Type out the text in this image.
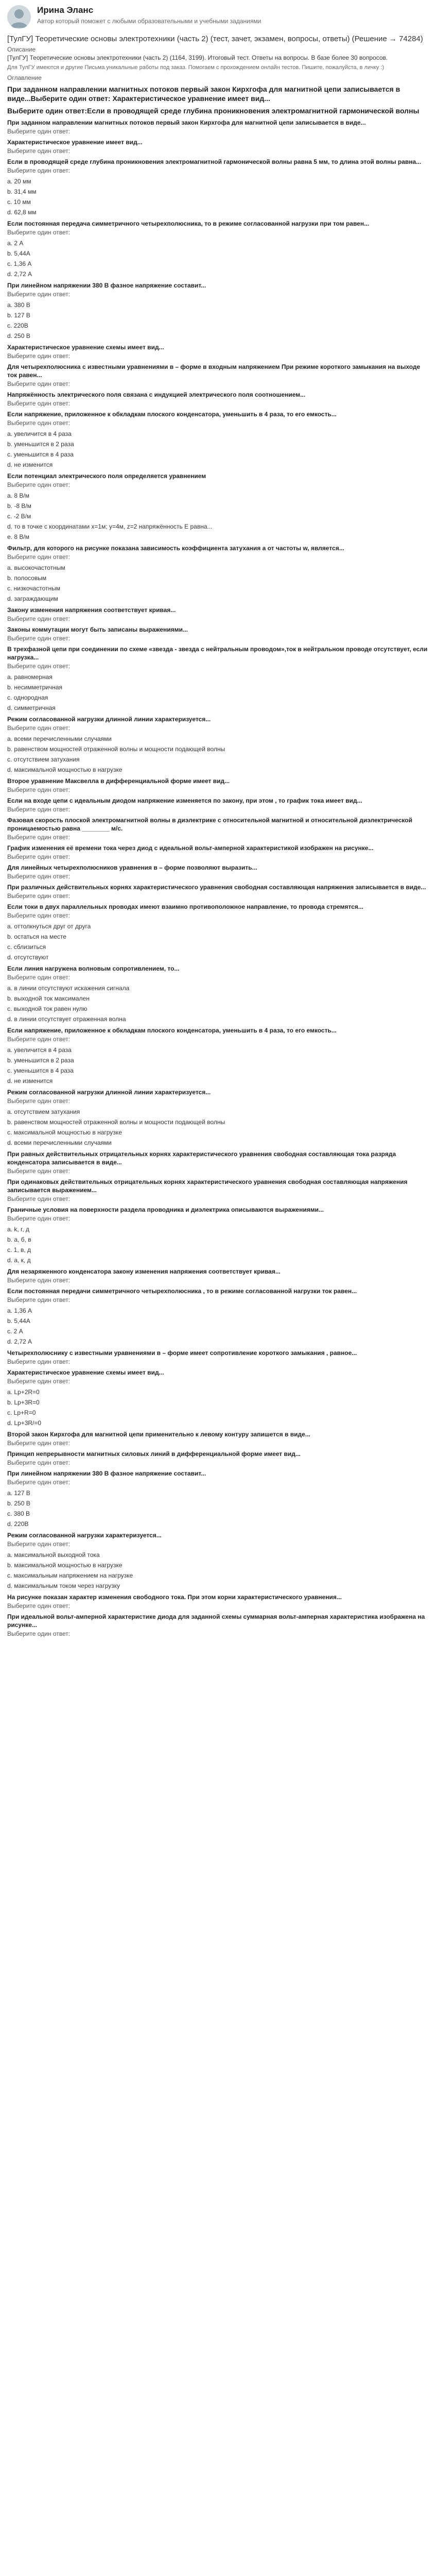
Ирина Эланс
Автор который поможет с любыми образовательными и учебными заданиями
[ТулГУ] Теоретические основы электротехники (часть 2) (тест, зачет, экзамен, вопросы, ответы) (Решение → 74284)
Описание
[ТулГУ] Теоретические основы электротехники (часть 2) (1164, 3199). Итоговый тест. Ответы на вопросы. В базе более 30 вопросов.
Для ТулГУ имеются и другие Письма уникальные работы под заказ. Помогаем с прохождением онлайн тестов. Пишите, пожалуйста, в личку :)
Оглавление
При заданном направлении магнитных потоков первый закон Кирхгофа для магнитной цепи записывается в виде...Выберите один ответ: Характеристическое уравнение имеет вид...
Выберите один ответ:Если в проводящей среде глубина проникновения электромагнитной гармонической волны
При заданном направлении магнитных потоков первый закон Кирхгофа для магнитной цепи записывается в виде...
Выберите один ответ:
Характеристическое уравнение имеет вид...
Выберите один ответ:
Если в проводящей среде глубина проникновения электромагнитной гармонической волны равна 5 мм, то длина этой волны равна...
Выберите один ответ:
a. 20 мм
b. 31,4 мм
c. 10 мм
d. 62,8 мм
Если постоянная передача симметричного четырехполюсника, то в режиме согласованной нагрузки при том равен...
Выберите один ответ:
a. 2 А
b. 5,44А
c. 1,36 А
d. 2,72 А
При линейном напряжении 380 В фазное напряжение составит...
Выберите один ответ:
a. 380 В
b. 127 В
c. 220В
d. 250 В
Характеристическое уравнение схемы имеет вид...
Выберите один ответ:
Для четырехполюсника с известными уравнениями в – форме в входным напряжением При режиме короткого замыкания на выходе ток равен...
Выберите один ответ:
Напряжённость электрического поля связана с индукцией электрического поля соотношением...
Выберите один ответ:
Если напряжение, приложенное к обкладкам плоского конденсатора, уменьшить в 4 раза, то его емкость...
Выберите один ответ:
a. увеличится в 4 раза
b. уменьшится в 2 раза
c. уменьшится в 4 раза
d. не изменится
Если потенциал электрического поля определяется уравнением
Выберите один ответ:
a. 8 В/м
b. -8 В/м
c. -2 В/м
d. то в точке с координатами x=1м; y=4м, z=2 напряжённость E равна...
e. 8 В/м
Фильтр, для которого на рисунке показана зависимость коэффициента затухания а от частоты w, является...
Выберите один ответ:
a. высокочастотным
b. полосовым
c. низкочастотным
d. заграждающим
Закону изменения напряжения соответствует кривая...
Выберите один ответ:
Законы коммутации могут быть записаны выражениями...
Выберите один ответ:
В трехфазной цепи при соединении по схеме «звезда - звезда с нейтральным проводом»,ток в нейтральном проводе отсутствует, если нагрузка...
Выберите один ответ:
a. равномерная
b. несимметричная
c. однородная
d. симметричная
Режим согласованной нагрузки длинной линии характеризуется...
Выберите один ответ:
a. всеми перечисленными случаями
b. равенством мощностей отраженной волны и мощности подающей волны
c. отсутствием затухания
d. максимальной мощностью в нагрузке
Второе уравнение Максвелла в дифференциальной форме имеет вид...
Выберите один ответ:
Если на входе цепи с идеальным диодом напряжение изменяется по закону, при этом , то график тока имеет вид...
Выберите один ответ:
Фазовая скорость плоской электромагнитной волны в диэлектрике с относительной магнитной и относительной диэлектрической проницаемостью равна ________ м/с.
Выберите один ответ:
График изменения её времени тока через диод с идеальной вольт-амперной характеристикой изображен на рисунке...
Выберите один ответ:
Для линейных четырехполюсников уравнения в – форме позволяют выразить...
Выберите один ответ:
При различных действительных корнях характеристического уравнения свободная составляющая напряжения записывается в виде...
Выберите один ответ:
Если токи в двух параллельных проводах имеют взаимно противоположное направление, то провода стремятся...
Выберите один ответ:
a. оттолкнуться друг от друга
b. остаться на месте
c. сблизиться
d. отсутствуют
Если линия нагружена волновым сопротивлением, то...
Выберите один ответ:
a. в линии отсутствуют искажения сигнала
b. выходной ток максимален
c. выходной ток равен нулю
d. в линии отсутствует отраженная волна
Если напряжение, приложенное к обкладкам плоского конденсатора, уменьшить в 4 раза, то его емкость...
Выберите один ответ:
a. увеличится в 4 раза
b. уменьшится в 2 раза
c. уменьшится в 4 раза
d. не изменится
Режим согласованной нагрузки длинной линии характеризуется...
Выберите один ответ:
a. отсутствием затухания
b. равенством мощностей отраженной волны и мощности подающей волны
c. максимальной мощностью в нагрузке
d. всеми перечисленными случаями
При равных действительных отрицательных корнях характеристического уравнения свободная составляющая тока разряда конденсатора записывается в виде...
Выберите один ответ:
При одинаковых действительных отрицательных корнях характеристического уравнения свободная составляющая напряжения записывается выражением...
Выберите один ответ:
Граничные условия на поверхности раздела проводника и диэлектрика описываются выражениями...
Выберите один ответ:
a. k, r, д
b. а, б, в
c. 1, в, д
d. а, к, д
Для незаряженного конденсатора закону изменения напряжения соответствует кривая...
Выберите один ответ:
Если постоянная передачи симметричного четырехполюсника , то в режиме согласованной нагрузки ток равен...
Выберите один ответ:
a. 1,36 А
b. 5,44А
c. 2 А
d. 2,72 А
Четырехполюснику с известными уравнениями в – форме имеет сопротивление короткого замыкания , равное...
Выберите один ответ:
Характеристическое уравнение схемы имеет вид...
Выберите один ответ:
a. Lp+2R=0
b. Lp+3R=0
c. Lp+R=0
d. Lp+3R/=0
Второй закон Кирхгофа для магнитной цепи применительно к левому контуру запишется в виде...
Выберите один ответ:
Принцип непрерывности магнитных силовых линий в дифференциальной форме имеет вид...
Выберите один ответ:
При линейном напряжении 380 В фазное напряжение составит...
Выберите один ответ:
a. 127 В
b. 250 В
c. 380 В
d. 220В
Режим согласованной нагрузки характеризуется...
Выберите один ответ:
a. максимальной выходной тока
b. максимальной мощностью в нагрузке
c. максимальным напряжением на нагрузке
d. максимальным током через нагрузку
На рисунке показан характер изменения свободного тока. При этом корни характеристического уравнения...
Выберите один ответ:
При идеальной вольт-амперной характеристике диода для заданной схемы суммарная вольт-амперная характеристика изображена на рисунке...
Выберите один ответ:
